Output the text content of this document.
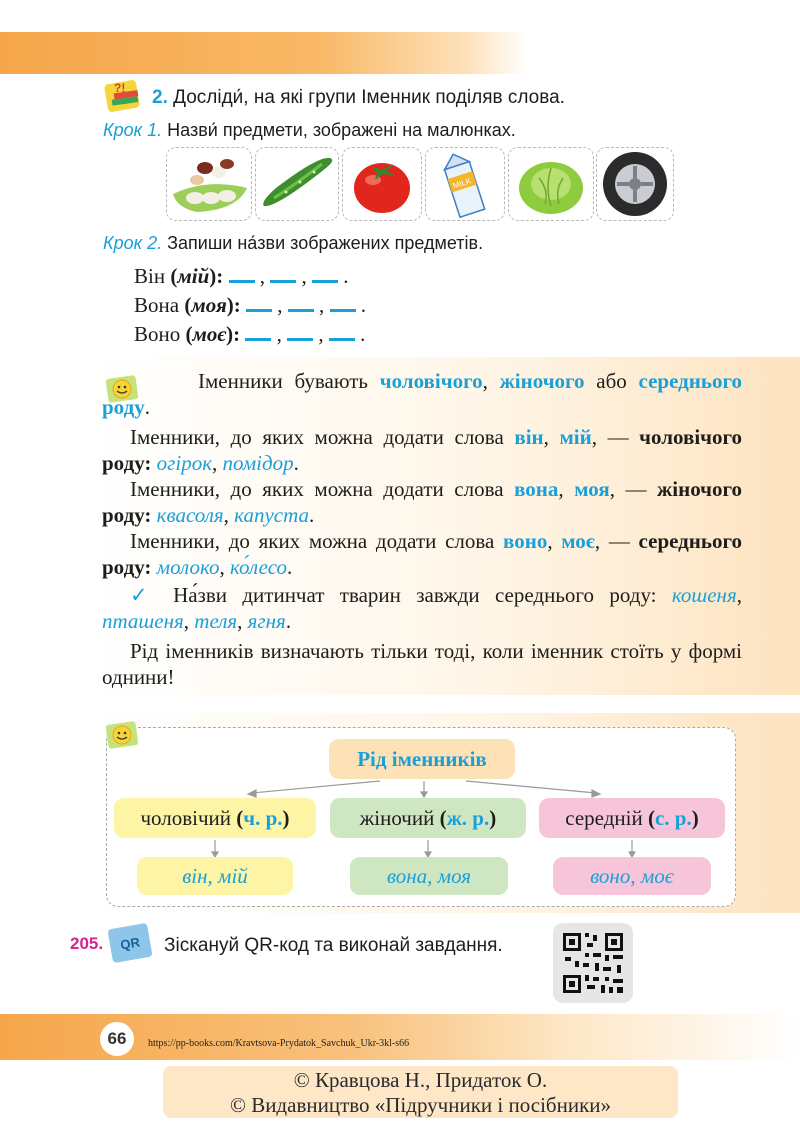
?! 2. Досліди́, на які групи Іменник поділяв слова.
Крок 1. Назви́ предмети, зображені на малюнках.
MILK
Крок 2. Запиши на́зви зображених предметів.
Він (мій):  ,  ,  .
Вона (моя):  ,  ,  .
Воно (моє):  ,  ,  .

Іменники бувають чоловічого, жіночого або середнього роду.

Іменники, до яких можна додати слова він, мій, — чоловічого роду: огірок, помідор.

Іменники, до яких можна додати слова вона, моя, — жіночого роду: квасоля, капуста.

Іменники, до яких можна додати слова воно, моє, — середнього роду: молоко, ко́лесо.

✓ На́зви дитинчат тварин завжди середнього роду: кошеня, пташеня, теля, ягня.

Рід іменників визначають тільки тоді, коли іменник стоїть у формі однини!

Рід іменників
чоловічий
(ч. р.)	жіночий
(ж. р.)	середній
(с. р.)
він, мій	вона, моя	воно, моє
205.	QR	Зіскануй QR-код та виконай завдання.
66	https://pp-books.com/Kravtsova-Prydatok_Savchuk_Ukr-3kl-s66
© Кравцова Н., Придаток О.
© Видавництво «Підручники і посібники»
